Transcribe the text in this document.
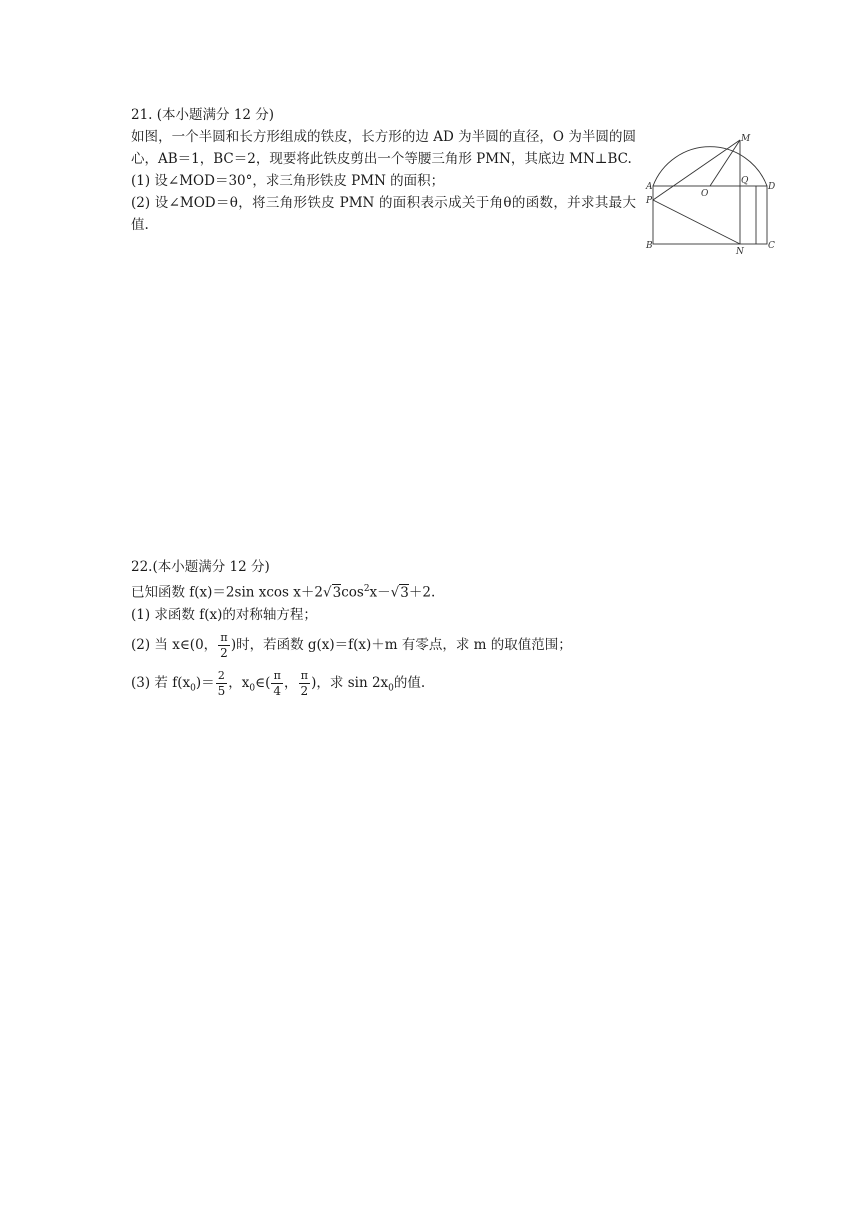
21. (本小题满分 12 分)
如图，一个半圆和长方形组成的铁皮，长方形的边 AD 为半圆的直径，O 为半圆的圆心，AB＝1，BC＝2，现要将此铁皮剪出一个等腰三角形 PMN，其底边 MN⊥BC.
(1) 设∠MOD＝30°，求三角形铁皮 PMN 的面积；
(2) 设∠MOD＝θ，将三角形铁皮 PMN 的面积表示成关于角θ的函数，并求其最大值.
M
A
Q
D
O
P
B
N
C
22.(本小题满分 12 分)
已知函数 f(x)＝2sin xcos $x+2√3\cos^2x-√3+2$.
(1) 求函数 f(x)的对称轴方程；
(2) 当 x∈(0， $\frac{\pi}{2}$ )时，若函数 g(x)＝f(x)＋m 有零点，求 m 的取值范围；
(3) 若 $f(x_0)= \frac{2}{5}$ ，$x_0\in( \frac{\pi}{4}$ ， $\frac{\pi}{2}$ )，求 $\sin 2x_0$的值.
